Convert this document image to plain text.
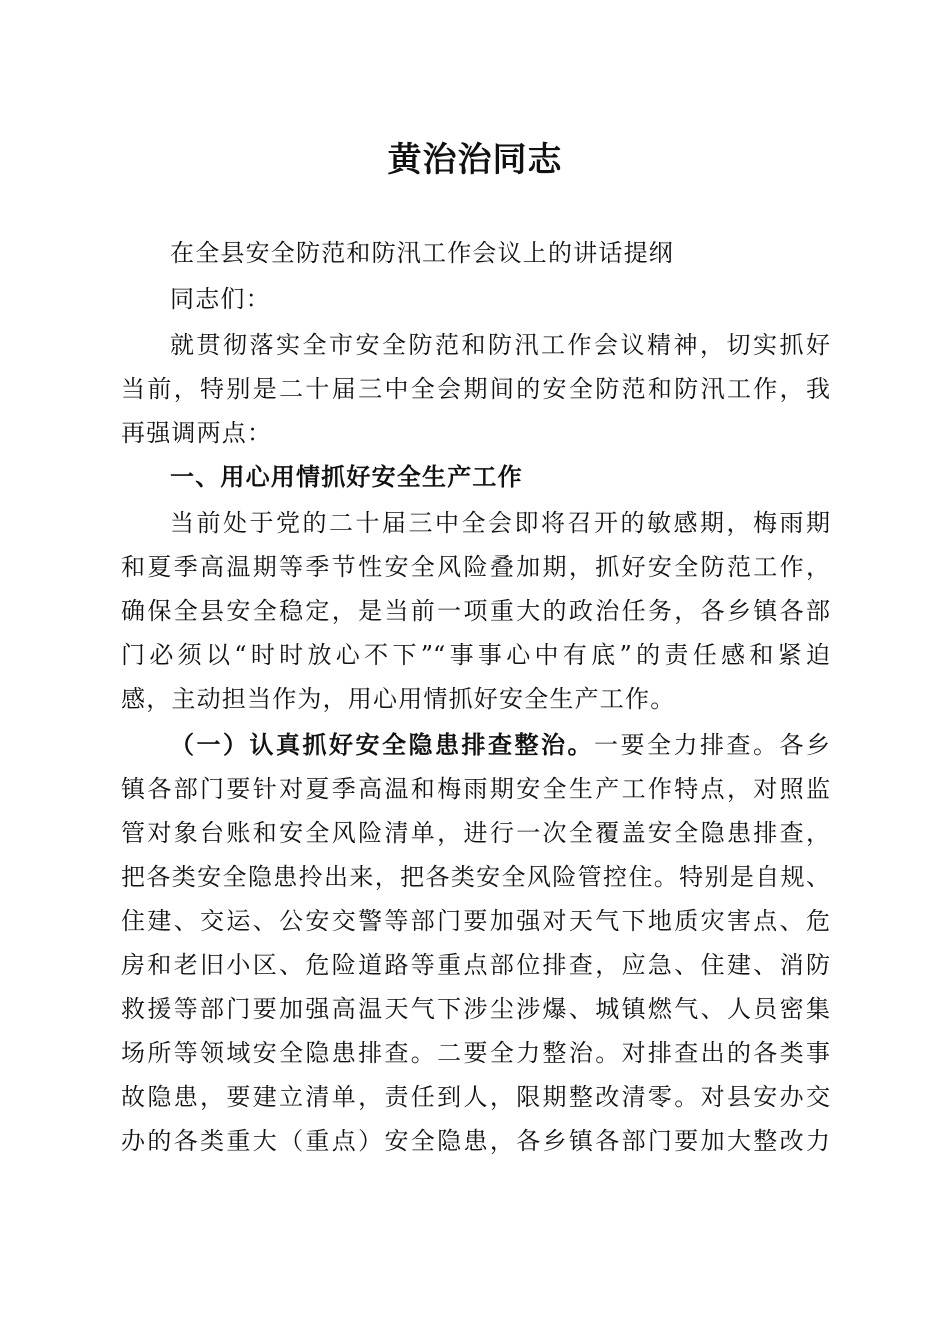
黄治治同志
在全县安全防范和防汛工作会议上的讲话提纲
同志们：
就贯彻落实全市安全防范和防汛工作会议精神，切实抓好
当前，特别是二十届三中全会期间的安全防范和防汛工作，我
再强调两点：
一、用心用情抓好安全生产工作
当前处于党的二十届三中全会即将召开的敏感期，梅雨期
和夏季高温期等季节性安全风险叠加期，抓好安全防范工作，
确保全县安全稳定，是当前一项重大的政治任务，各乡镇各部
门必须以“时时放心不下”“事事心中有底”的责任感和紧迫
感，主动担当作为，用心用情抓好安全生产工作。
（一）认真抓好安全隐患排查整治。一要全力排查。各乡
镇各部门要针对夏季高温和梅雨期安全生产工作特点，对照监
管对象台账和安全风险清单，进行一次全覆盖安全隐患排查，
把各类安全隐患拎出来，把各类安全风险管控住。特别是自规、
住建、交运、公安交警等部门要加强对天气下地质灾害点、危
房和老旧小区、危险道路等重点部位排查，应急、住建、消防
救援等部门要加强高温天气下涉尘涉爆、城镇燃气、人员密集
场所等领域安全隐患排查。二要全力整治。对排查出的各类事
故隐患，要建立清单，责任到人，限期整改清零。对县安办交
办的各类重大（重点）安全隐患，各乡镇各部门要加大整改力
